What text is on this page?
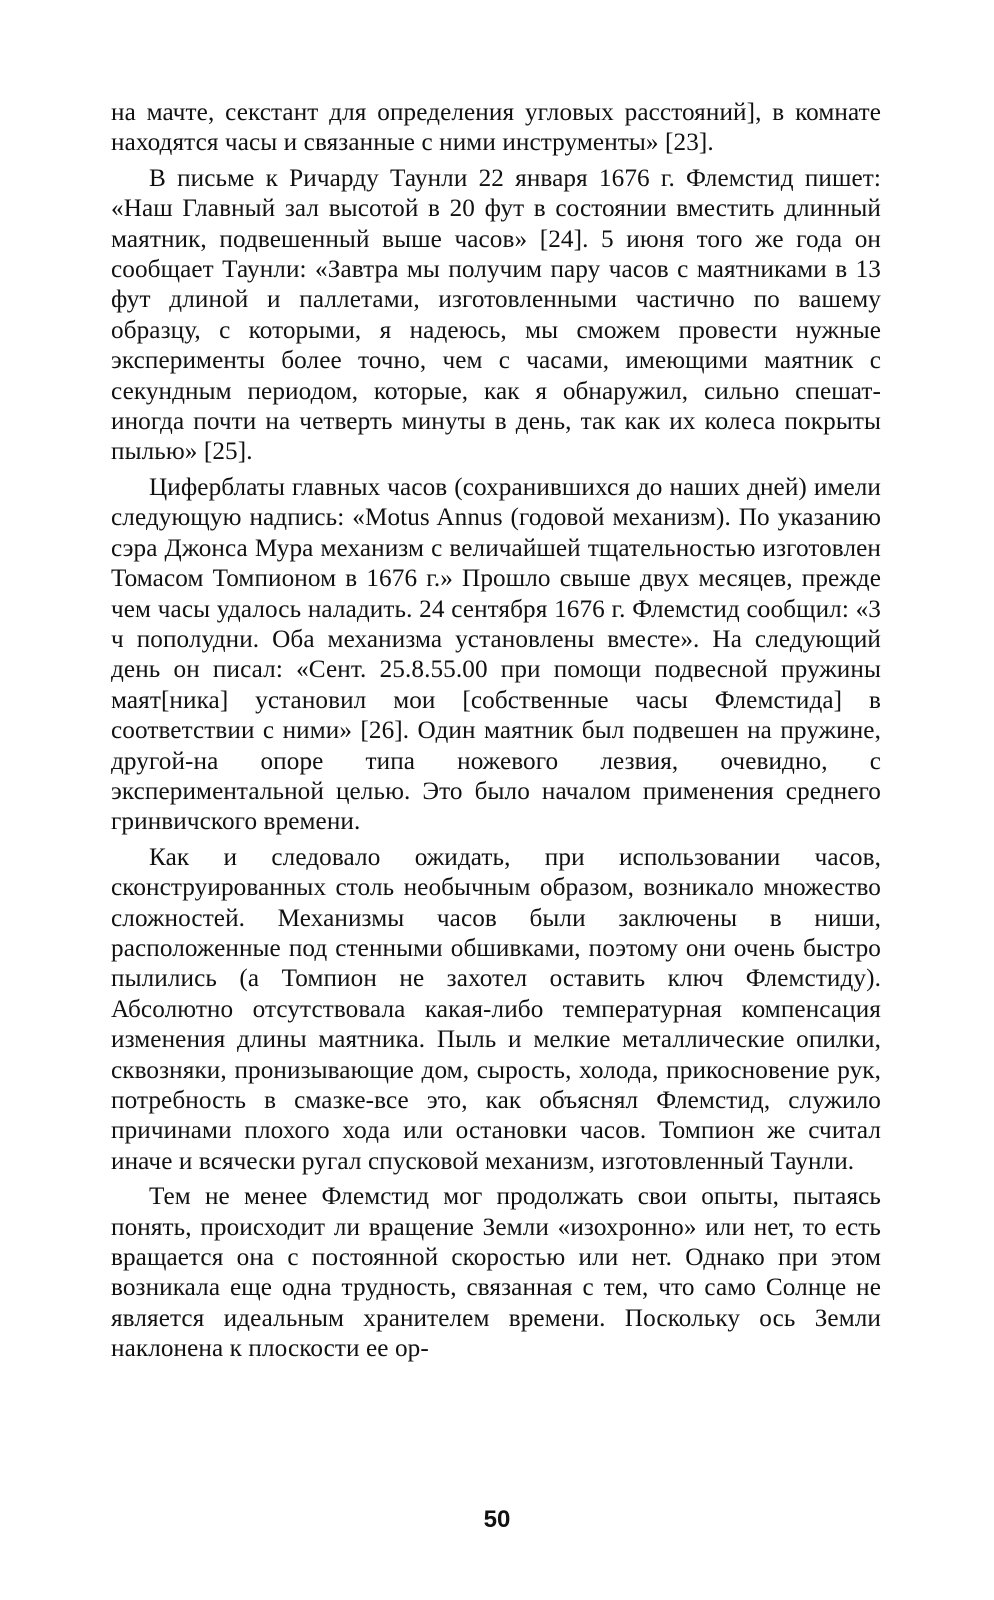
на мачте, секстант для определения угловых расстояний], в комнате находятся часы и связанные с ними инструменты» [23].

В письме к Ричарду Таунли 22 января 1676 г. Флемстид пишет: «Наш Главный зал высотой в 20 фут в состоянии вместить длинный маятник, подвешенный выше часов» [24]. 5 июня того же года он сообщает Таунли: «Завтра мы получим пару часов с маятниками в 13 фут длиной и паллетами, изготовленными частично по вашему образцу, с которыми, я надеюсь, мы сможем провести нужные эксперименты более точно, чем с часами, имеющими маятник с секундным периодом, которые, как я обнаружил, сильно спешат-иногда почти на четверть минуты в день, так как их колеса покрыты пылью» [25].

Циферблаты главных часов (сохранившихся до наших дней) имели следующую надпись: «Motus Annus (годовой механизм). По указанию сэра Джонса Мура механизм с величайшей тщательностью изготовлен Томасом Томпионом в 1676 г.» Прошло свыше двух месяцев, прежде чем часы удалось наладить. 24 сентября 1676 г. Флемстид сообщил: «3 ч пополудни. Оба механизма установлены вместе». На следующий день он писал: «Сент. 25.8.55.00 при помощи подвесной пружины маят[ника] установил мои [собственные часы Флемстида] в соответствии с ними» [26]. Один маятник был подвешен на пружине, другой-на опоре типа ножевого лезвия, очевидно, с экспериментальной целью. Это было началом применения среднего гринвичского времени.

Как и следовало ожидать, при использовании часов, сконструированных столь необычным образом, возникало множество сложностей. Механизмы часов были заключены в ниши, расположенные под стенными обшивками, поэтому они очень быстро пылились (а Томпион не захотел оставить ключ Флемстиду). Абсолютно отсутствовала какая-либо температурная компенсация изменения длины маятника. Пыль и мелкие металлические опилки, сквозняки, пронизывающие дом, сырость, холода, прикосновение рук, потребность в смазке-все это, как объяснял Флемстид, служило причинами плохого хода или остановки часов. Томпион же считал иначе и всячески ругал спусковой механизм, изготовленный Таунли.

Тем не менее Флемстид мог продолжать свои опыты, пытаясь понять, происходит ли вращение Земли «изохронно» или нет, то есть вращается она с постоянной скоростью или нет. Однако при этом возникала еще одна трудность, связанная с тем, что само Солнце не является идеальным хранителем времени. Поскольку ось Земли наклонена к плоскости ее ор-

50
